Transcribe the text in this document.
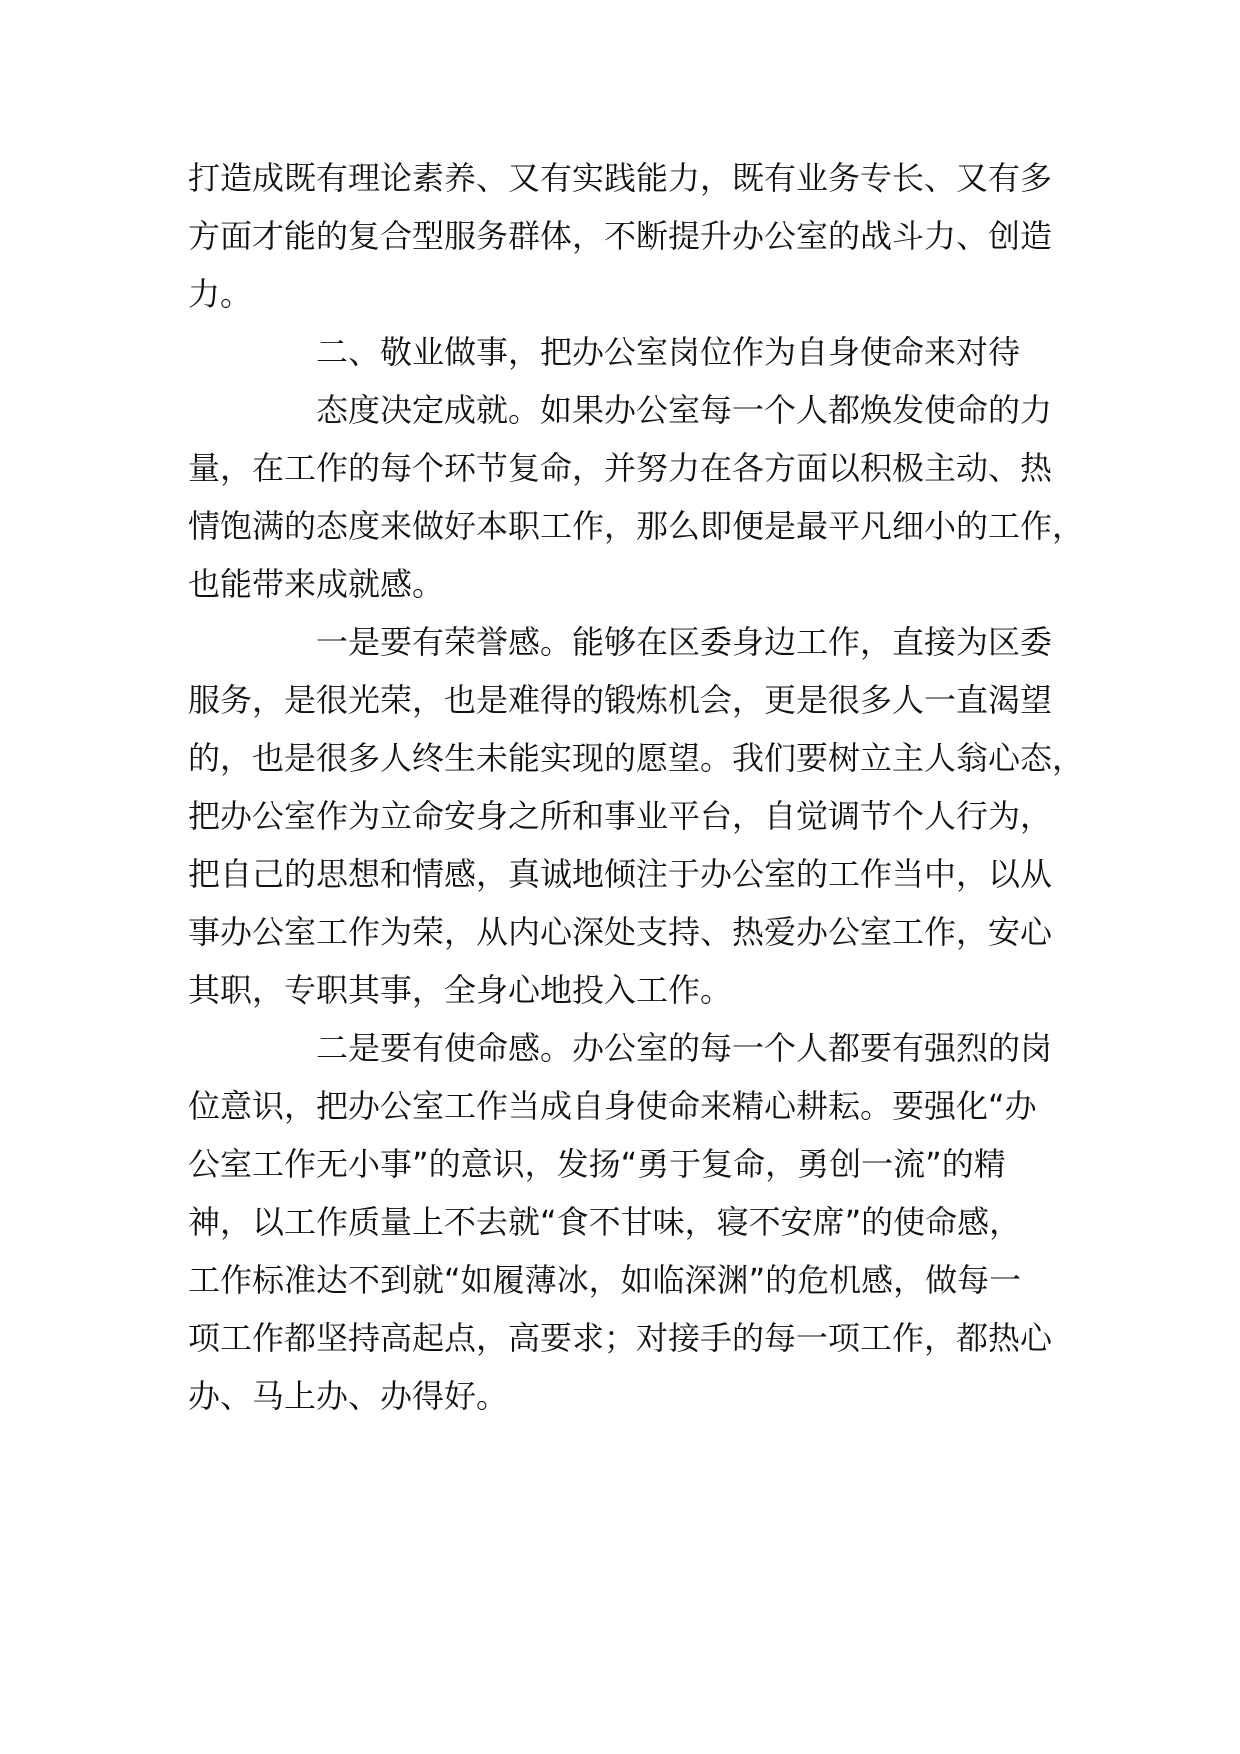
打造成既有理论素养、又有实践能力，既有业务专长、又有多
方面才能的复合型服务群体，不断提升办公室的战斗力、创造
力。
二、敬业做事，把办公室岗位作为自身使命来对待
态度决定成就。如果办公室每一个人都焕发使命的力
量，在工作的每个环节复命，并努力在各方面以积极主动、热
情饱满的态度来做好本职工作，那么即便是最平凡细小的工作，
也能带来成就感。
一是要有荣誉感。能够在区委身边工作，直接为区委
服务，是很光荣，也是难得的锻炼机会，更是很多人一直渴望
的，也是很多人终生未能实现的愿望。我们要树立主人翁心态，
把办公室作为立命安身之所和事业平台，自觉调节个人行为，
把自己的思想和情感，真诚地倾注于办公室的工作当中，以从
事办公室工作为荣，从内心深处支持、热爱办公室工作，安心
其职，专职其事，全身心地投入工作。
二是要有使命感。办公室的每一个人都要有强烈的岗
位意识，把办公室工作当成自身使命来精心耕耘。要强化“办
公室工作无小事”的意识，发扬“勇于复命，勇创一流”的精
神，以工作质量上不去就“食不甘味，寝不安席”的使命感，
工作标准达不到就“如履薄冰，如临深渊”的危机感，做每一
项工作都坚持高起点，高要求；对接手的每一项工作，都热心
办、马上办、办得好。
